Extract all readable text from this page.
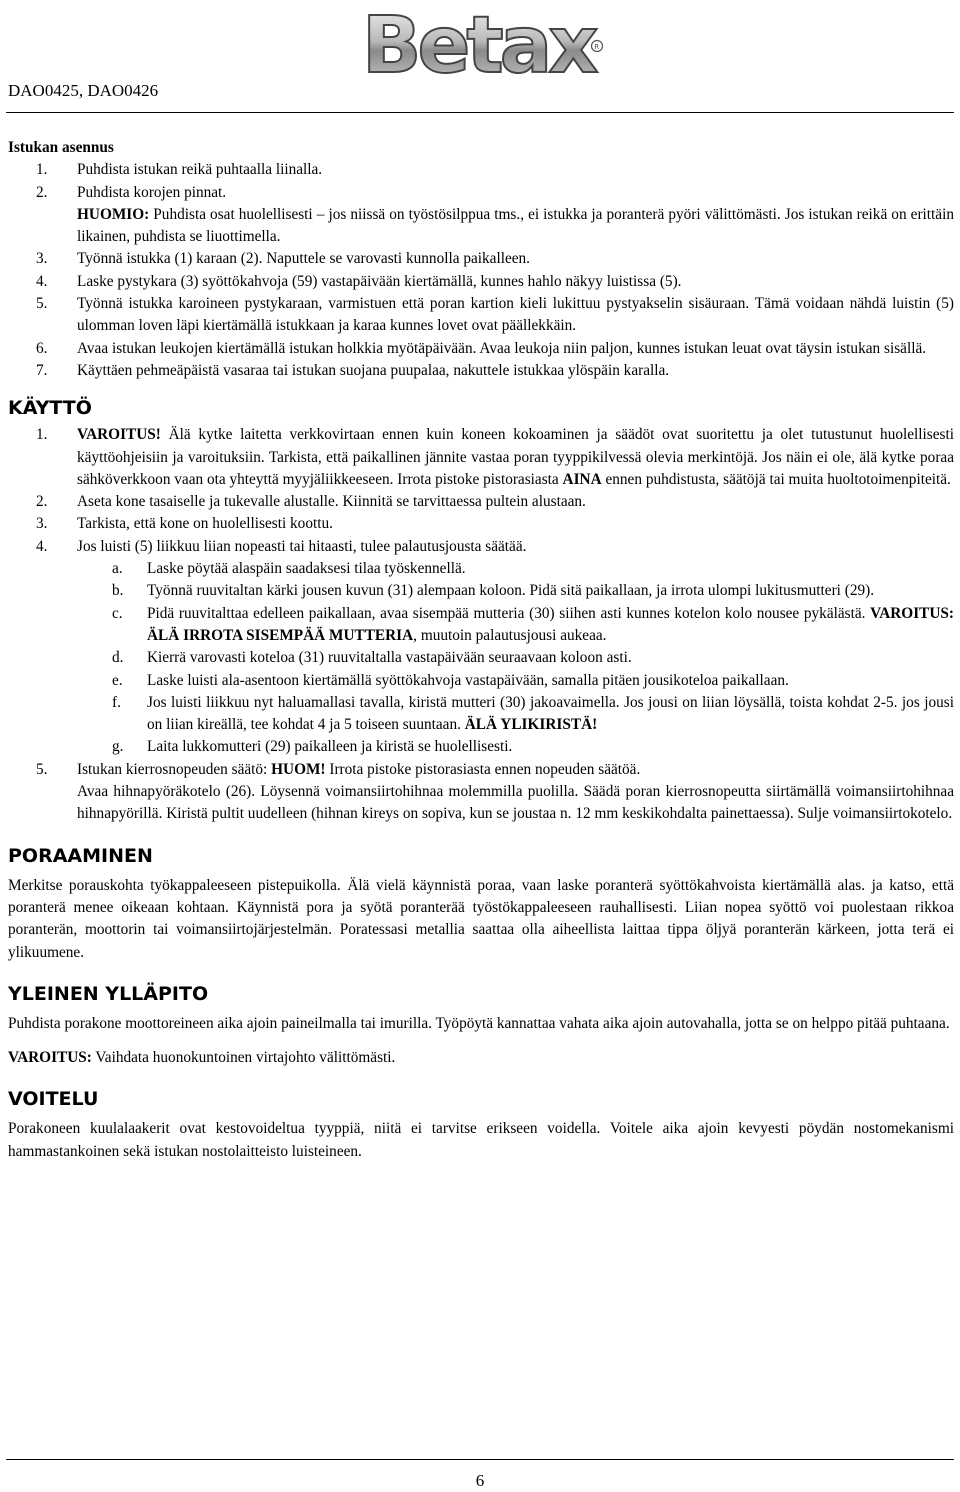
DAO0425, DAO0426	Betax R
Istukan asennus
1. Puhdista istukan reikä puhtaalla liinalla.
2. Puhdista korojen pinnat.
HUOMIO: Puhdista osat huolellisesti – jos niissä on työstösilppua tms., ei istukka ja poranterä pyöri välittömästi. Jos istukan reikä on erittäin likainen, puhdista se liuottimella.
3. Työnnä istukka (1) karaan (2). Naputtele se varovasti kunnolla paikalleen.
4. Laske pystykara (3) syöttökahvoja (59) vastapäivään kiertämällä, kunnes hahlo näkyy luistissa (5).
5. Työnnä istukka karoineen pystykaraan, varmistuen että poran kartion kieli lukittuu pystyakselin sisäuraan. Tämä voidaan nähdä luistin (5) ulomman loven läpi kiertämällä istukkaan ja karaa kunnes lovet ovat päällekkäin.
6. Avaa istukan leukojen kiertämällä istukan holkkia myötäpäivään. Avaa leukoja niin paljon, kunnes istukan leuat ovat täysin istukan sisällä.
7. Käyttäen pehmeäpäistä vasaraa tai istukan suojana puupalaa, nakuttele istukkaa ylöspäin karalla.
KÄYTTÖ
1. VAROITUS! Älä kytke laitetta verkkovirtaan ennen kuin koneen kokoaminen ja säädöt ovat suoritettu ja olet tutustunut huolellisesti käyttöohjeisiin ja varoituksiin. Tarkista, että paikallinen jännite vastaa poran tyyppikilvessä olevia merkintöjä. Jos näin ei ole, älä kytke poraa sähköverkkoon vaan ota yhteyttä myyjäliikkeeseen. Irrota pistoke pistorasiasta AINA ennen puhdistusta, säätöjä tai muita huoltotoimenpiteitä.
2. Aseta kone tasaiselle ja tukevalle alustalle. Kiinnitä se tarvittaessa pultein alustaan.
3. Tarkista, että kone on huolellisesti koottu.
4. Jos luisti (5) liikkuu liian nopeasti tai hitaasti, tulee palautusjousta säätää.
a. Laske pöytää alaspäin saadaksesi tilaa työskennellä.
b. Työnnä ruuvitaltan kärki jousen kuvun (31) alempaan koloon. Pidä sitä paikallaan, ja irrota ulompi lukitusmutteri (29).
c. Pidä ruuvitalttaa edelleen paikallaan, avaa sisempää mutteria (30) siihen asti kunnes kotelon kolo nousee pykälästä. VAROITUS: ÄLÄ IRROTA SISEMPÄÄ MUTTERIA, muutoin palautusjousi aukeaa.
d. Kierrä varovasti koteloa (31) ruuvitaltalla vastapäivään seuraavaan koloon asti.
e. Laske luisti ala-asentoon kiertämällä syöttökahvoja vastapäivään, samalla pitäen jousikoteloa paikallaan.
f. Jos luisti liikkuu nyt haluamallasi tavalla, kiristä mutteri (30) jakoavaimella. Jos jousi on liian löysällä, toista kohdat 2-5. jos jousi on liian kireällä, tee kohdat 4 ja 5 toiseen suuntaan. ÄLÄ YLIKIRISTÄ!
g. Laita lukkomutteri (29) paikalleen ja kiristä se huolellisesti.
5. Istukan kierrosnopeuden säätö: HUOM! Irrota pistoke pistorasiasta ennen nopeuden säätöä.
Avaa hihnapyöräkotelo (26). Löysennä voimansiirtohihnaa molemmilla puolilla. Säädä poran kierrosnopeutta siirtämällä voimansiirtohihnaa hihnapyörillä. Kiristä pultit uudelleen (hihnan kireys on sopiva, kun se joustaa n. 12 mm keskikohdalta painettaessa). Sulje voimansiirtokotelo.
PORAAMINEN
Merkitse porauskohta työkappaleeseen pistepuikolla. Älä vielä käynnistä poraa, vaan laske poranterä syöttökahvoista kiertämällä alas. ja katso, että poranterä menee oikeaan kohtaan. Käynnistä pora ja syötä poranterää työstökappaleeseen rauhallisesti. Liian nopea syöttö voi puolestaan rikkoa poranterän, moottorin tai voimansiirtojärjestelmän. Poratessasi metallia saattaa olla aiheellista laittaa tippa öljyä poranterän kärkeen, jotta terä ei ylikuumene.
YLEINEN YLLÄPITO
Puhdista porakone moottoreineen aika ajoin paineilmalla tai imurilla. Työpöytä kannattaa vahata aika ajoin autovahalla, jotta se on helppo pitää puhtaana.
VAROITUS: Vaihdata huonokuntoinen virtajohto välittömästi.
VOITELU
Porakoneen kuulalaakerit ovat kestovoideltua tyyppiä, niitä ei tarvitse erikseen voidella. Voitele aika ajoin kevyesti pöydän nostomekanismi hammastankoinen sekä istukan nostolaitteisto luisteineen.
6
